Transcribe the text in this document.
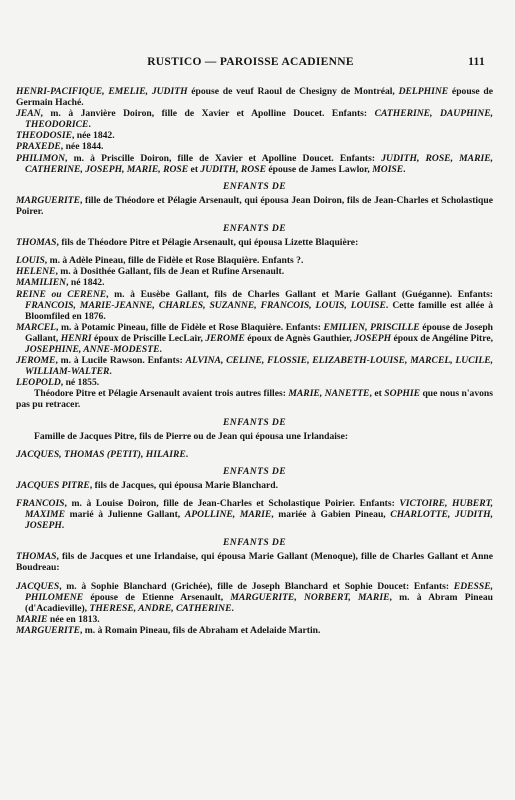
RUSTICO — PAROISSE ACADIENNE	111

HENRI-PACIFIQUE, EMELIE, JUDITH épouse de veuf Raoul de Chesigny de Montréal, DELPHINE épouse de Germain Haché.

JEAN, m. à Janvière Doiron, fille de Xavier et Apolline Doucet. Enfants: CATHERINE, DAUPHINE, THEODORICE.

THEODOSIE, née 1842.

PRAXEDE, née 1844.

PHILIMON, m. à Priscille Doiron, fille de Xavier et Apolline Doucet. Enfants: JUDITH, ROSE, MARIE, CATHERINE, JOSEPH, MARIE, ROSE et JUDITH, ROSE épouse de James Lawlor, MOISE.

ENFANTS DE

MARGUERITE, fille de Théodore et Pélagie Arsenault, qui épousa Jean Doiron, fils de Jean-Charles et Scholastique Poirer.

ENFANTS DE

THOMAS, fils de Théodore Pitre et Pélagie Arsenault, qui épousa Lizette Blaquière:

LOUIS, m. à Adèle Pineau, fille de Fidèle et Rose Blaquière. Enfants ?.

HELENE, m. à Dosithée Gallant, fils de Jean et Rufine Arsenault.

MAMILIEN, né 1842.

REINE ou CERENE, m. à Eusèbe Gallant, fils de Charles Gallant et Marie Gallant (Guéganne). Enfants: FRANCOIS, MARIE-JEANNE, CHARLES, SUZANNE, FRANCOIS, LOUIS, LOUISE. Cette famille est allée à Bloomfiled en 1876.

MARCEL, m. à Potamic Pineau, fille de Fidèle et Rose Blaquière. Enfants: EMILIEN, PRISCILLE épouse de Joseph Gallant, HENRI époux de Priscille LecLair, JEROME époux de Agnès Gauthier, JOSEPH époux de Angéline Pitre, JOSEPHINE, ANNE-MODESTE.

JEROME, m. à Lucile Rawson. Enfants: ALVINA, CELINE, FLOSSIE, ELIZABETH-LOUISE, MARCEL, LUCILE, WILLIAM-WALTER.

LEOPOLD, né 1855.

Théodore Pitre et Pélagie Arsenault avaient trois autres filles: MARIE, NANETTE, et SOPHIE que nous n'avons pas pu retracer.

ENFANTS DE

Famille de Jacques Pitre, fils de Pierre ou de Jean qui épousa une Irlandaise:

JACQUES, THOMAS (PETIT), HILAIRE.

ENFANTS DE

JACQUES PITRE, fils de Jacques, qui épousa Marie Blanchard.

FRANCOIS, m. à Louise Doiron, fille de Jean-Charles et Scholastique Poirier. Enfants: VICTOIRE, HUBERT, MAXIME marié à Julienne Gallant, APOLLINE, MARIE, mariée à Gabien Pineau, CHARLOTTE, JUDITH, JOSEPH.

ENFANTS DE

THOMAS, fils de Jacques et une Irlandaise, qui épousa Marie Gallant (Menoque), fille de Charles Gallant et Anne Boudreau:

JACQUES, m. à Sophie Blanchard (Grichée), fille de Joseph Blanchard et Sophie Doucet: Enfants: EDESSE, PHILOMENE épouse de Etienne Arsenault, MARGUERITE, NORBERT, MARIE, m. à Abram Pineau (d'Acadieville), THERESE, ANDRE, CATHERINE.

MARIE née en 1813.

MARGUERITE, m. à Romain Pineau, fils de Abraham et Adelaide Martin.
